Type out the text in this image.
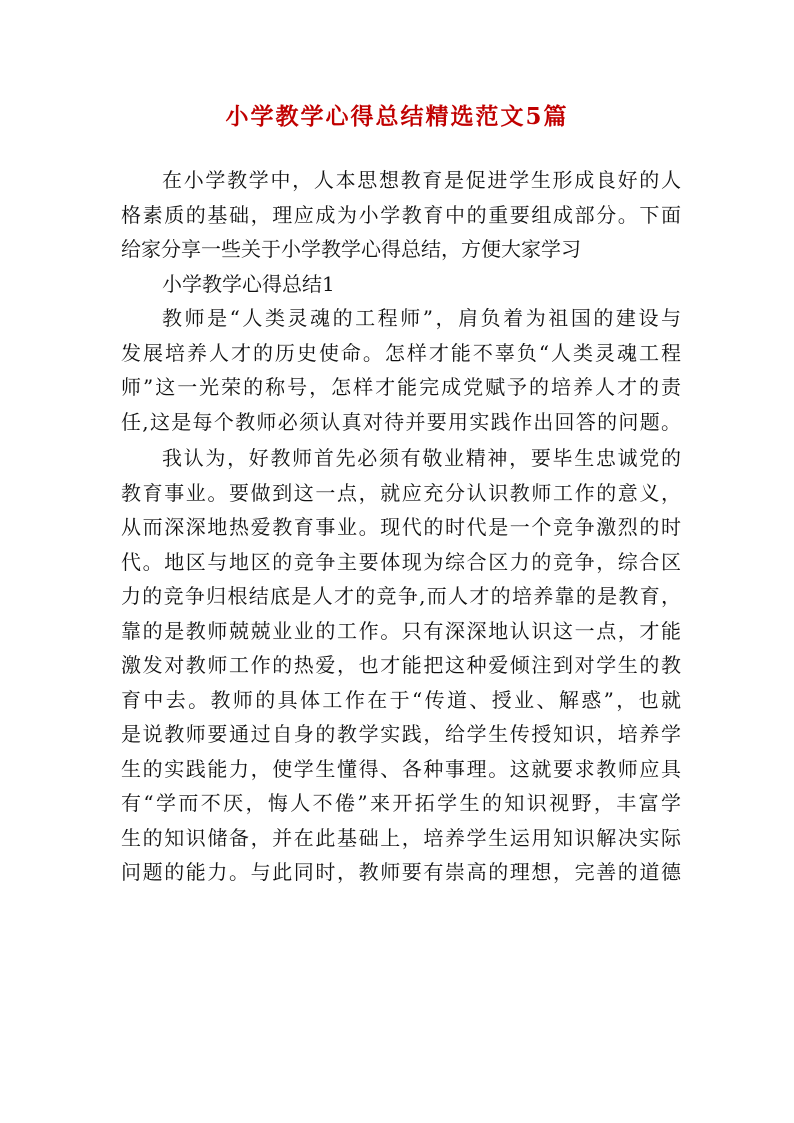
小学教学心得总结精选范文5篇
在小学教学中，人本思想教育是促进学生形成良好的人
格素质的基础，理应成为小学教育中的重要组成部分。下面
给家分享一些关于小学教学心得总结，方便大家学习
小学教学心得总结1
教师是“人类灵魂的工程师”，肩负着为祖国的建设与
发展培养人才的历史使命。怎样才能不辜负“人类灵魂工程
师”这一光荣的称号，怎样才能完成党赋予的培养人才的责
任,这是每个教师必须认真对待并要用实践作出回答的问题。
我认为，好教师首先必须有敬业精神，要毕生忠诚党的
教育事业。要做到这一点，就应充分认识教师工作的意义，
从而深深地热爱教育事业。现代的时代是一个竞争激烈的时
代。地区与地区的竞争主要体现为综合区力的竞争，综合区
力的竞争归根结底是人才的竞争,而人才的培养靠的是教育，
靠的是教师兢兢业业的工作。只有深深地认识这一点，才能
激发对教师工作的热爱，也才能把这种爱倾注到对学生的教
育中去。教师的具体工作在于“传道、授业、解惑”，也就
是说教师要通过自身的教学实践，给学生传授知识，培养学
生的实践能力，使学生懂得、各种事理。这就要求教师应具
有“学而不厌，悔人不倦”来开拓学生的知识视野，丰富学
生的知识储备，并在此基础上，培养学生运用知识解决实际
问题的能力。与此同时，教师要有崇高的理想，完善的道德
